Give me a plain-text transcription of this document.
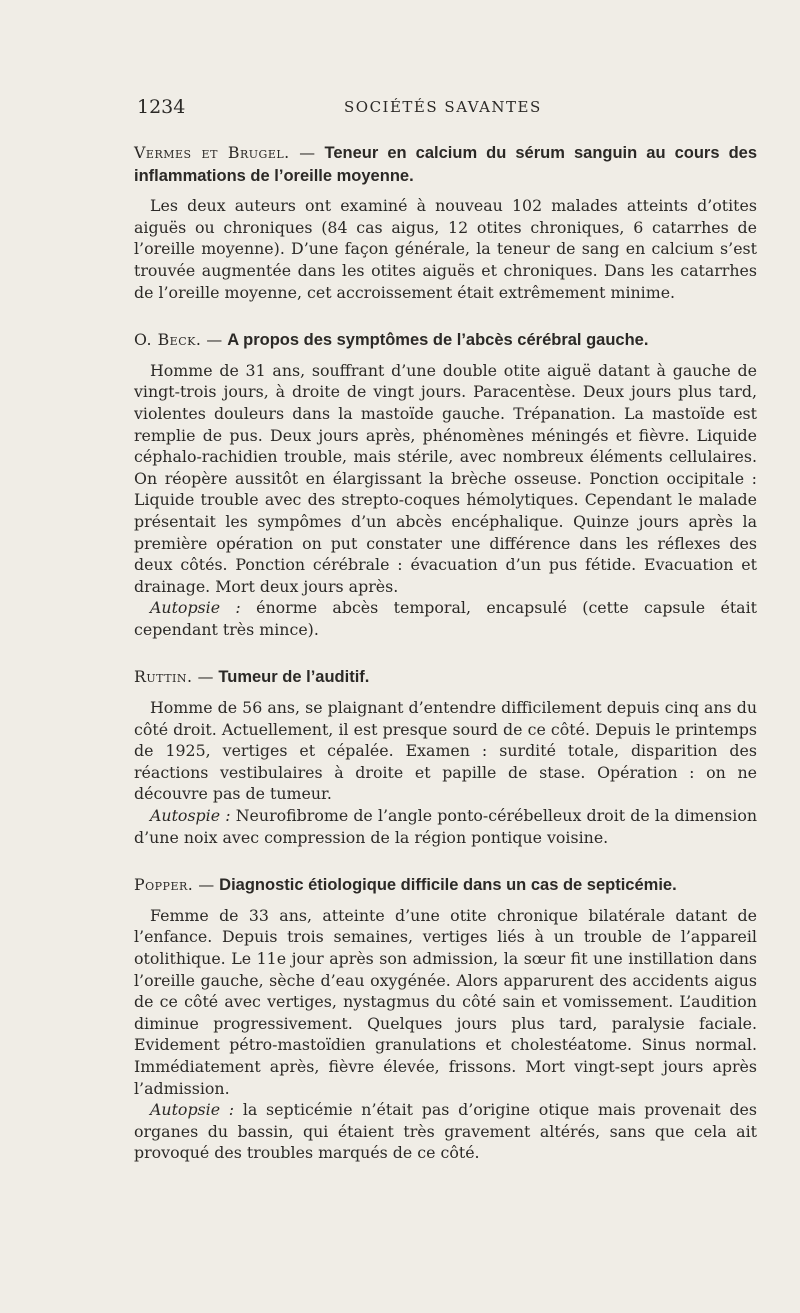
1234	SOCIÉTÉS SAVANTES

Vermes et Brugel. — Teneur en calcium du sérum sanguin au cours des inflammations de l’oreille moyenne.

Les deux auteurs ont examiné à nouveau 102 malades atteints d’otites aiguës ou chroniques (84 cas aigus, 12 otites chroniques, 6 catarrhes de l’oreille moyenne). D’une façon générale, la teneur de sang en calcium s’est trouvée augmentée dans les otites aiguës et chroniques. Dans les catarrhes de l’oreille moyenne, cet accroissement était extrêmement minime.

O. Beck. — A propos des symptômes de l’abcès cérébral gauche.

Homme de 31 ans, souffrant d’une double otite aiguë datant à gauche de vingt-trois jours, à droite de vingt jours. Paracentèse. Deux jours plus tard, violentes douleurs dans la mastoïde gauche. Trépanation. La mastoïde est remplie de pus. Deux jours après, phénomènes méningés et fièvre. Liquide céphalo-rachidien trouble, mais stérile, avec nombreux éléments cellulaires. On réopère aussitôt en élargissant la brèche osseuse. Ponction occipitale : Liquide trouble avec des strepto-coques hémolytiques. Cependant le malade présentait les sympômes d’un abcès encéphalique. Quinze jours après la première opération on put constater une différence dans les réflexes des deux côtés. Ponction cérébrale : évacuation d’un pus fétide. Evacuation et drainage. Mort deux jours après.

Autopsie : énorme abcès temporal, encapsulé (cette capsule était cependant très mince).

Ruttin. — Tumeur de l’auditif.

Homme de 56 ans, se plaignant d’entendre difficilement depuis cinq ans du côté droit. Actuellement, il est presque sourd de ce côté. Depuis le printemps de 1925, vertiges et cépalée. Examen : surdité totale, disparition des réactions vestibulaires à droite et papille de stase. Opération : on ne découvre pas de tumeur.

Autospie : Neurofibrome de l’angle ponto-cérébelleux droit de la dimension d’une noix avec compression de la région pontique voisine.

Popper. — Diagnostic étiologique difficile dans un cas de septicémie.

Femme de 33 ans, atteinte d’une otite chronique bilatérale datant de l’enfance. Depuis trois semaines, vertiges liés à un trouble de l’appareil otolithique. Le 11e jour après son admission, la sœur fit une instillation dans l’oreille gauche, sèche d’eau oxygénée. Alors apparurent des accidents aigus de ce côté avec vertiges, nystagmus du côté sain et vomissement. L’audition diminue progressivement. Quelques jours plus tard, paralysie faciale. Evidement pétro-mastoïdien granulations et cholestéatome. Sinus normal. Immédiatement après, fièvre élevée, frissons. Mort vingt-sept jours après l’admission.

Autopsie : la septicémie n’était pas d’origine otique mais provenait des organes du bassin, qui étaient très gravement altérés, sans que cela ait provoqué des troubles marqués de ce côté.
